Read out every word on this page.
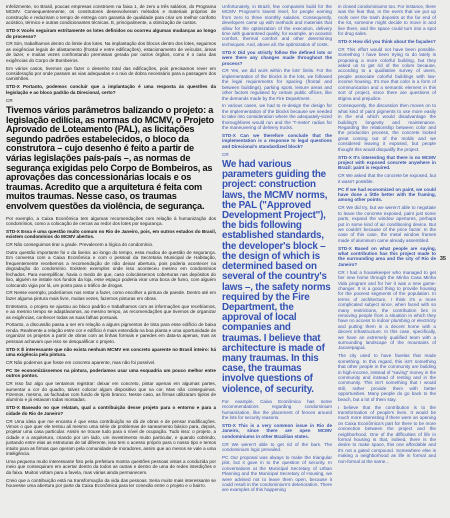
Infelizmente, no Brasil, poucas empresas constroem na faixa 1, de zero a três salários, do Programa MCMV. Consequentemente, os construtores desenvolveram métodos e materiais próprios de construção e reduziram o tempo de entrega com garantia de qualidade para criar um melhor conforto acústico, térmico e outras condicionantes técnicas. E, principalmente, a otimização de custos.

STD-X Vocês seguiram estritamente os lotes definidos ou ocorreu algumas mudanças ao longo do processo?

CR Sim, trabalhamos dentro do limite dos lotes. Na implantação dos blocos dentro dos lotes, seguimos as exigências legais de afastamento (frontal e entre edificações), estacionamento de veículos, áreas de lazer, e muitas vezes confrontando premissas gerada por outros órgãos, como é o caso das exigências do Corpo de Bombeiros.

Em vários casos, tivemos que fazer o desenho total das edificações, pois precisamos rever em consideração por onde passam as vias adequadas e o raio de dobra necessário para a passagem dos caminhões.

STD-X Portanto, podemos concluir que a implantação é uma resposta às questões da legislação e ao bloco padrão da Direcional, certo?

CR

Tivemos vários parâmetros balizando o projeto: a legislação edilícia, as normas do MCMV, o Projeto Aprovado de Loteamento (PAL), as licitações segundo padrões estabelecidos, o bloco da construtora – cujo desenho é feito a partir de várias legislações país-país –, as normas de segurança exigidas pelo Corpo de Bombeiros, as aprovações das concessionárias locais e os traumas. Acredito que a arquitetura é feita com muitos traumas. Nesse caso, os traumas envolvem questões da violência, de segurança.

Por exemplo, a Caixa Econômica tem algumas recomendações com relação à humanização dos condomínios, como a colocação de cercas ao redor dos lotes por segurança.

STD-X Essa é uma questão muito comum no Rio de Janeiro, pois, em outros estados do Brasil, existem condomínios do MCMV abertos.

CR Não conseguimos tirar a grade. Prevalecem a lógica do condomínio.

Outra questão importante foi o da lixeira: ao longo do tempo, essa mudou de questão de segurança. Em conversa com a Caixa Econômica e com o pessoal da Secretaria Municipal de Habitação, frequentemente recebemos a recomendação de não deixar abertura, pois poderia acontecer na degradação do condomínio. Existem exemplos onde isso aconteceu mesmo em condomínios fechados. Para exemplificar, havia o medo de que, caso colocássemos coberturas nas depósitos do lixo, alguém se instale nos fundos da loja, esse espaço poderia virar uma boca de fumo, com alguém colocando vigia por lá, um ponto para o tráfico de drogas.

CR Nesse exemplo, poderíamos nos restar a fazer, como escolher a pintura de parede. Dentro até em fazer alguma pintura mais livre, muitas vezes, fazemos pinturas em obras.

Entretanto, o projeto se ajustou ao bloco padrão e trabalhamos com as informações que recebíamos, e ao mesmo tempo se adaptávamos, ao mesmo tempo, as recomendações que tivemos de organizar as exigências, conhecer todas as suas falhas pontuais.

Portanto, a discussão passa a ser em relação a alguns pigmentos de tinta para esse edifício de baixa renda. Realmente a relação entre cor e edifício é mais entendida na boa planta e uma oportunidade de organizar os projetos a partir de obras com as linhas formais e paredes em data-ta apenas, mas as pessoas achavam que isso se desqualificar o projeto.

STD-X É interessante que não exista nenhum MCMV em concreto aparente no Brasil inteiro: há uma exigência pela pintura.

CR Não podemos que fosse em concreto aparente, mas não foi possível.

PC Se economizássemos na pintura, poderíamos usar uma esquadria um pouco melhor entre outros pontos.

CR Isso faz algo que tentamos registrar: deixar em concreto, pintar apenas em algumas partes, aumentar a cor do quadro, talvez colocar algum dispositivo que na cor. Mas não conseguimos. Fizemos, mesmo, as fachadas com fundo de tijolo branco. Nesse caso, as firmas utilizaram tijolos de alumínio e já estavam todas montadas.

STD-X Baseado no que relatam, qual a contribuição desse projeto para o entorno e para a cidade do Rio de Janeiro?

CR Uma ideia que me encanta é que essa contribuição se dá de obras e de pensar modificações. Vimos o que quer ele tentou ali mesmo uma série de problemas de saneamento básico para, depois, projetar uma casa particular. Assim se trouxe tudo para o nível de ocupação. Tudo isso: o projeto, a cidade e a arquitetura, criando por um lado, um investimento muito particular, e quando cobrindo, juntando entre elas as estruturas de tal diferente, isso tem o acesso próprio para o nosso tipo e temos intuito para as firmas que operam pela comunidade de moradores, assim que ao menos se vale a uma inteligência.

Uma pequena muito interessante foto pela prefeitura mostra questões pessoas vistas a conduzida por meio que consequiram em acertar dentro da todos as outras e dentro de uma de redes interdições e da faixa. Muitos voltam para a favela, mas várias ainda permanecem.

Creio que a contribuição está na transformação da vida das pessoas. Seria muito mais interessante se houvesse uma abertura por parte da Caixa Econômica para ter conexão entre o projeto e o bairro.

Unfortunately, in Brazil, few companies build for the MCMV Program's lowest level, for people earning from zero to three monthly salaries. Consequently, developers came up with methods and materials that allow for the optimization of the execution, delivery time with guaranteed quality, for example, an acoustic comfort, thermal comfort and other determining techniques. And, above all, the optimization of costs.

STD-X Did you strictly follow the defined lots or were there any changes made throughout the process?

CR Yes, we did work within the lots' limits. For the implementation of the blocks in the lots, we followed the legal requirements for spacing (frontal and between buildings), parking spots, leisure areas and other factors regulated by certain public offices, like the demands made by the Fire Department.

In various cases, we had to re-design the design for the implementation of the blocks because we needed to take into consideration where the adequately-sized thoroughfares would run and the 'T-meter' radius for the maneuvering of delivery trucks.

STD-X Can we therefore conclude that the implementation is a response to legal questions and Direcional's standardized block?

CR

We had various parameters guiding the project: construction laws, the MCMV norms, the PAL ("Approved Development Project"), the bids following established standards, the developer's block – the design of which is determined based on several of the country's laws –, the safety norms required by the Fire Department, the approval of local companies and traumas. I believe that architecture is made of many traumas. In this case, the traumas involve questions of violence, of security.

For example, Caixa Econômica has some recommendations regarding condominium humanization, like the placement of fences around the lots for security reasons.

STD-X This is a very common issue in Rio de Janeiro, since there are open MCMV condominiums in other Brazilian states.

CR We weren't able to get rid of the bars. The condominium logic prevailed.

PC Our proposal was always to make the triangular plot, but it gave in to the question of security. In conversations at the Municipal Secretary of Urban Planning and the Municipal Secretary of Housing, we were advised not to leave them open, because it could result in the condominium's deterioration. There are examples of this happening

in closed condominiums too. For instance, there was the fear that, in the event that we put up roofs over the trash deposits at the far end of the lot, someone might decide to move in and live there, and the space could turn into a spot for drug sales.

STD-X How did you think about the façades?

CR This effort would not have been possible. Something I have been trying to do lately is proposing a more colorful building, but they asked us to get rid of the colors because, according to a qualitative survey of users, people associate colorful buildings with low-income housing. It's true that color is a form of communication and a semantic element in this sort of project, since there are questions of stigma and prejudice.

Consequently, the discussion then moves on to what kind of paint pigments to use more easily in the end which would disadvantage the building's longevity and maintenance. Regarding the relationship between color and the production process, the concrete looked great coming out of the molds and we considered leaving it exposed, but people thought this would disqualify the project.

STD-X It's interesting that there is no MCMV project with exposed concrete anywhere in Brazil: paint is required.

CR We asked that the concrete be exposed, but it wasn't possible.

PC If we had economized on paint, we could have done a little better with the framing, among other points.

CR We did try, but we weren't able to negotiate to leave the concrete exposed, paint just some parts, expand the window apertures, perhaps put in some kind of air conditioning device. But we couldn't because of the price factor. In the case of this case, the metal window frames made of aluminum came already assembled.

STD-X Based on what people are saying, what contribution has this project made to the surrounding area and the city of Rio de Janeiro?

CR I had a housekeeper who managed to get her new home through the Minha Casa Minha Vida program and for her it was a new game-changer. It is a good thing to provide housing for the poorest segments of the population. In terms of architecture, I think it's a more complicated subject since, when faced with so many restrictions, the contribution lies in removing people from a situation in which they have no access to indoor plumbing or electricity and putting them in a decent home with a decent infrastructure. In this case, specifically, we have an extremely qualified team with a surrounding landscape of the mountains of Jacarepaguá.

The city used to have favelas that made something. In this regard, this isn't something that other people in the community are building in high-income, instead of "saving" money in the community and instead of renting and in the community. This isn't something that I would still, rather provide them with better opportunities. Many people do go back to the beach, but a lot of them stay.

I believe that the contribution is to the transformation of people's lives. It would be much more interesting if there were an opening on Caixa Econômica's part for there to be more connection between the project and the neighborhood. One of the difficulties of life in formal housing is that, indeed, there is the desire to make space, this one affordable and it's not a gated compound. Somewhere else is making a neighborhood as life in formal and non-formal at the same...

35
